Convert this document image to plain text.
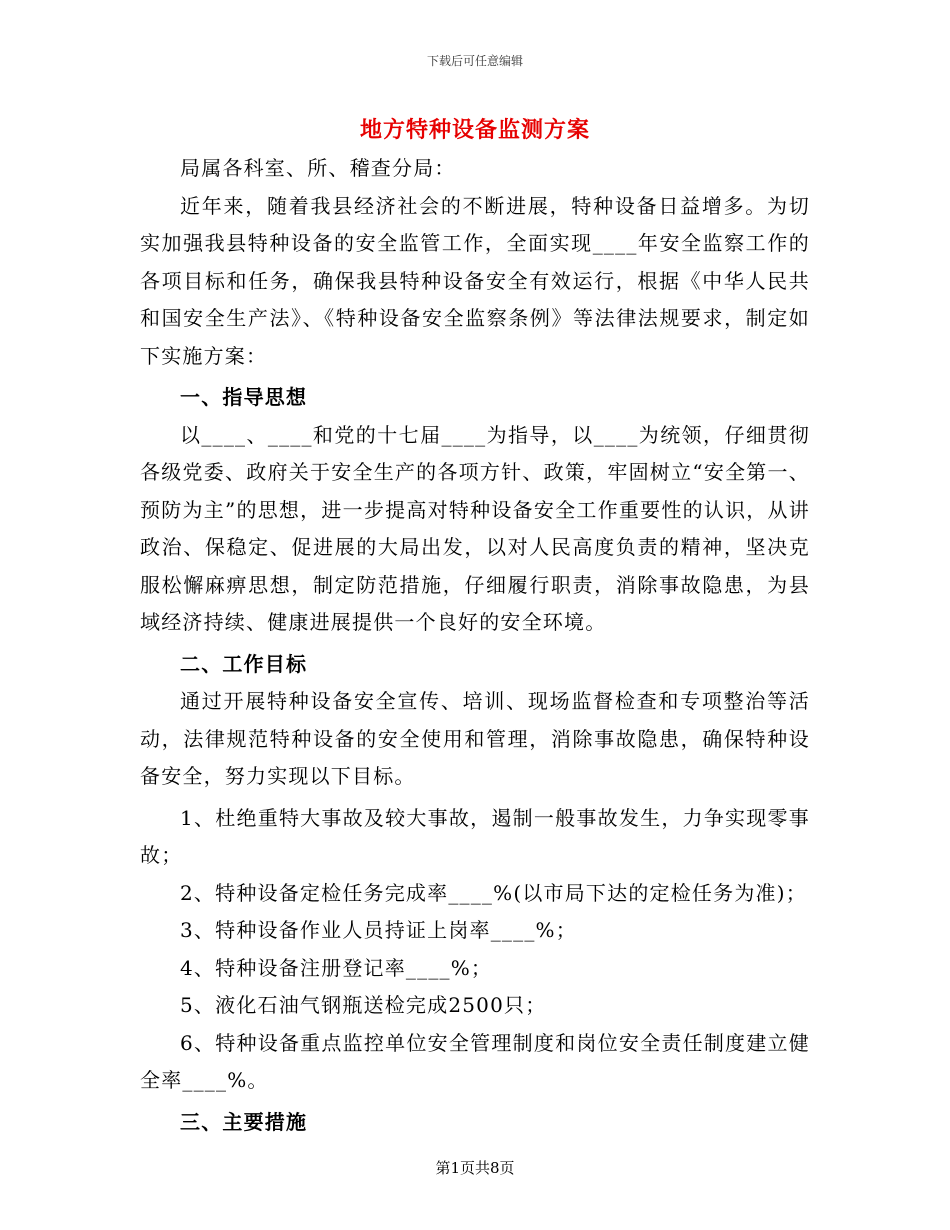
下载后可任意编辑
地方特种设备监测方案

局属各科室、所、稽查分局：

近年来，随着我县经济社会的不断进展，特种设备日益增多。为切实加强我县特种设备的安全监管工作，全面实现____年安全监察工作的各项目标和任务，确保我县特种设备安全有效运行，根据《中华人民共和国安全生产法》、《特种设备安全监察条例》等法律法规要求，制定如下实施方案：

一、指导思想

以____、____和党的十七届____为指导，以____为统领，仔细贯彻各级党委、政府关于安全生产的各项方针、政策，牢固树立“安全第一、预防为主”的思想，进一步提高对特种设备安全工作重要性的认识，从讲政治、保稳定、促进展的大局出发，以对人民高度负责的精神，坚决克服松懈麻痹思想，制定防范措施，仔细履行职责，消除事故隐患，为县域经济持续、健康进展提供一个良好的安全环境。

二、工作目标

通过开展特种设备安全宣传、培训、现场监督检查和专项整治等活动，法律规范特种设备的安全使用和管理，消除事故隐患，确保特种设备安全，努力实现以下目标。

1、杜绝重特大事故及较大事故，遏制一般事故发生，力争实现零事故；

2、特种设备定检任务完成率____%(以市局下达的定检任务为准)；

3、特种设备作业人员持证上岗率____%；

4、特种设备注册登记率____%；

5、液化石油气钢瓶送检完成2500只；

6、特种设备重点监控单位安全管理制度和岗位安全责任制度建立健全率____%。

三、主要措施

第1页共8页
